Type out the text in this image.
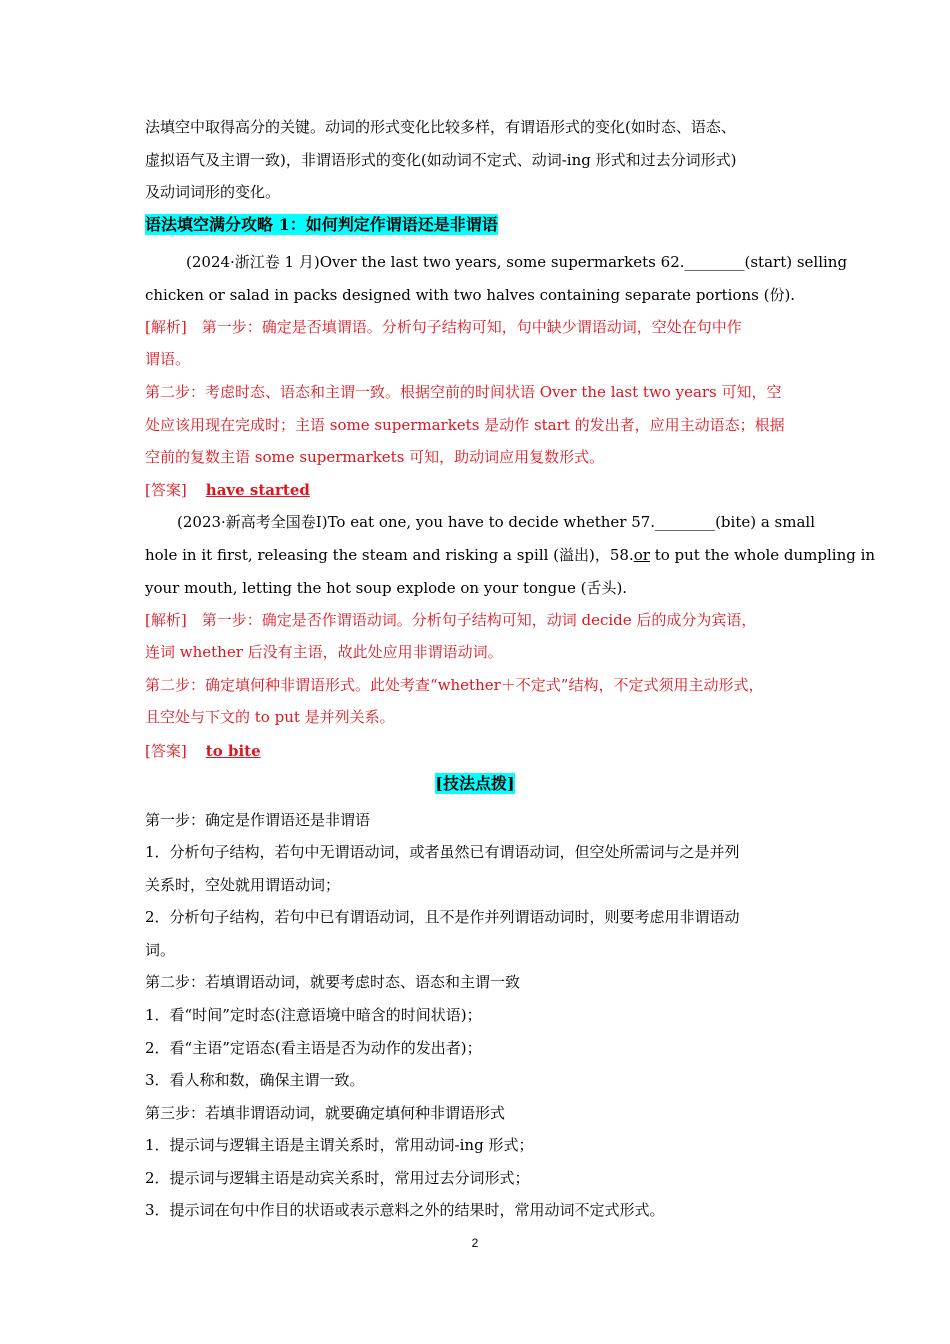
法填空中取得高分的关键。动词的形式变化比较多样，有谓语形式的变化(如时态、语态、
虚拟语气及主谓一致)，非谓语形式的变化(如动词不定式、动词-ing 形式和过去分词形式)
及动词词形的变化。
语法填空满分攻略 1：如何判定作谓语还是非谓语
(2024·浙江卷 1 月)Over the last two years, some supermarkets 62.________(start) selling
chicken or salad in packs designed with two halves containing separate portions (份).
[解析]　第一步：确定是否填谓语。分析句子结构可知，句中缺少谓语动词，空处在句中作
谓语。
第二步：考虑时态、语态和主谓一致。根据空前的时间状语 Over the last two years 可知，空
处应该用现在完成时；主语 some supermarkets 是动作 start 的发出者，应用主动语态；根据
空前的复数主语 some supermarkets 可知，助动词应用复数形式。
[答案] have started
(2023·新高考全国卷Ⅰ)To eat one, you have to decide whether 57.________(bite) a small
hole in it first, releasing the steam and risking a spill (溢出)，58.or to put the whole dumpling in
your mouth, letting the hot soup explode on your tongue (舌头).
[解析]　第一步：确定是否作谓语动词。分析句子结构可知，动词 decide 后的成分为宾语，
连词 whether 后没有主语，故此处应用非谓语动词。
第二步：确定填何种非谓语形式。此处考查“whether＋不定式”结构，不定式须用主动形式，
且空处与下文的 to put 是并列关系。
[答案] to bite
[技法点拨]
第一步：确定是作谓语还是非谓语
1．分析句子结构，若句中无谓语动词，或者虽然已有谓语动词，但空处所需词与之是并列
关系时，空处就用谓语动词；
2．分析句子结构，若句中已有谓语动词，且不是作并列谓语动词时，则要考虑用非谓语动
词。
第二步：若填谓语动词，就要考虑时态、语态和主谓一致
1．看“时间”定时态(注意语境中暗含的时间状语)；
2．看“主语”定语态(看主语是否为动作的发出者)；
3．看人称和数，确保主谓一致。
第三步：若填非谓语动词，就要确定填何种非谓语形式
1．提示词与逻辑主语是主谓关系时，常用动词-ing 形式；
2．提示词与逻辑主语是动宾关系时，常用过去分词形式；
3．提示词在句中作目的状语或表示意料之外的结果时，常用动词不定式形式。
2
